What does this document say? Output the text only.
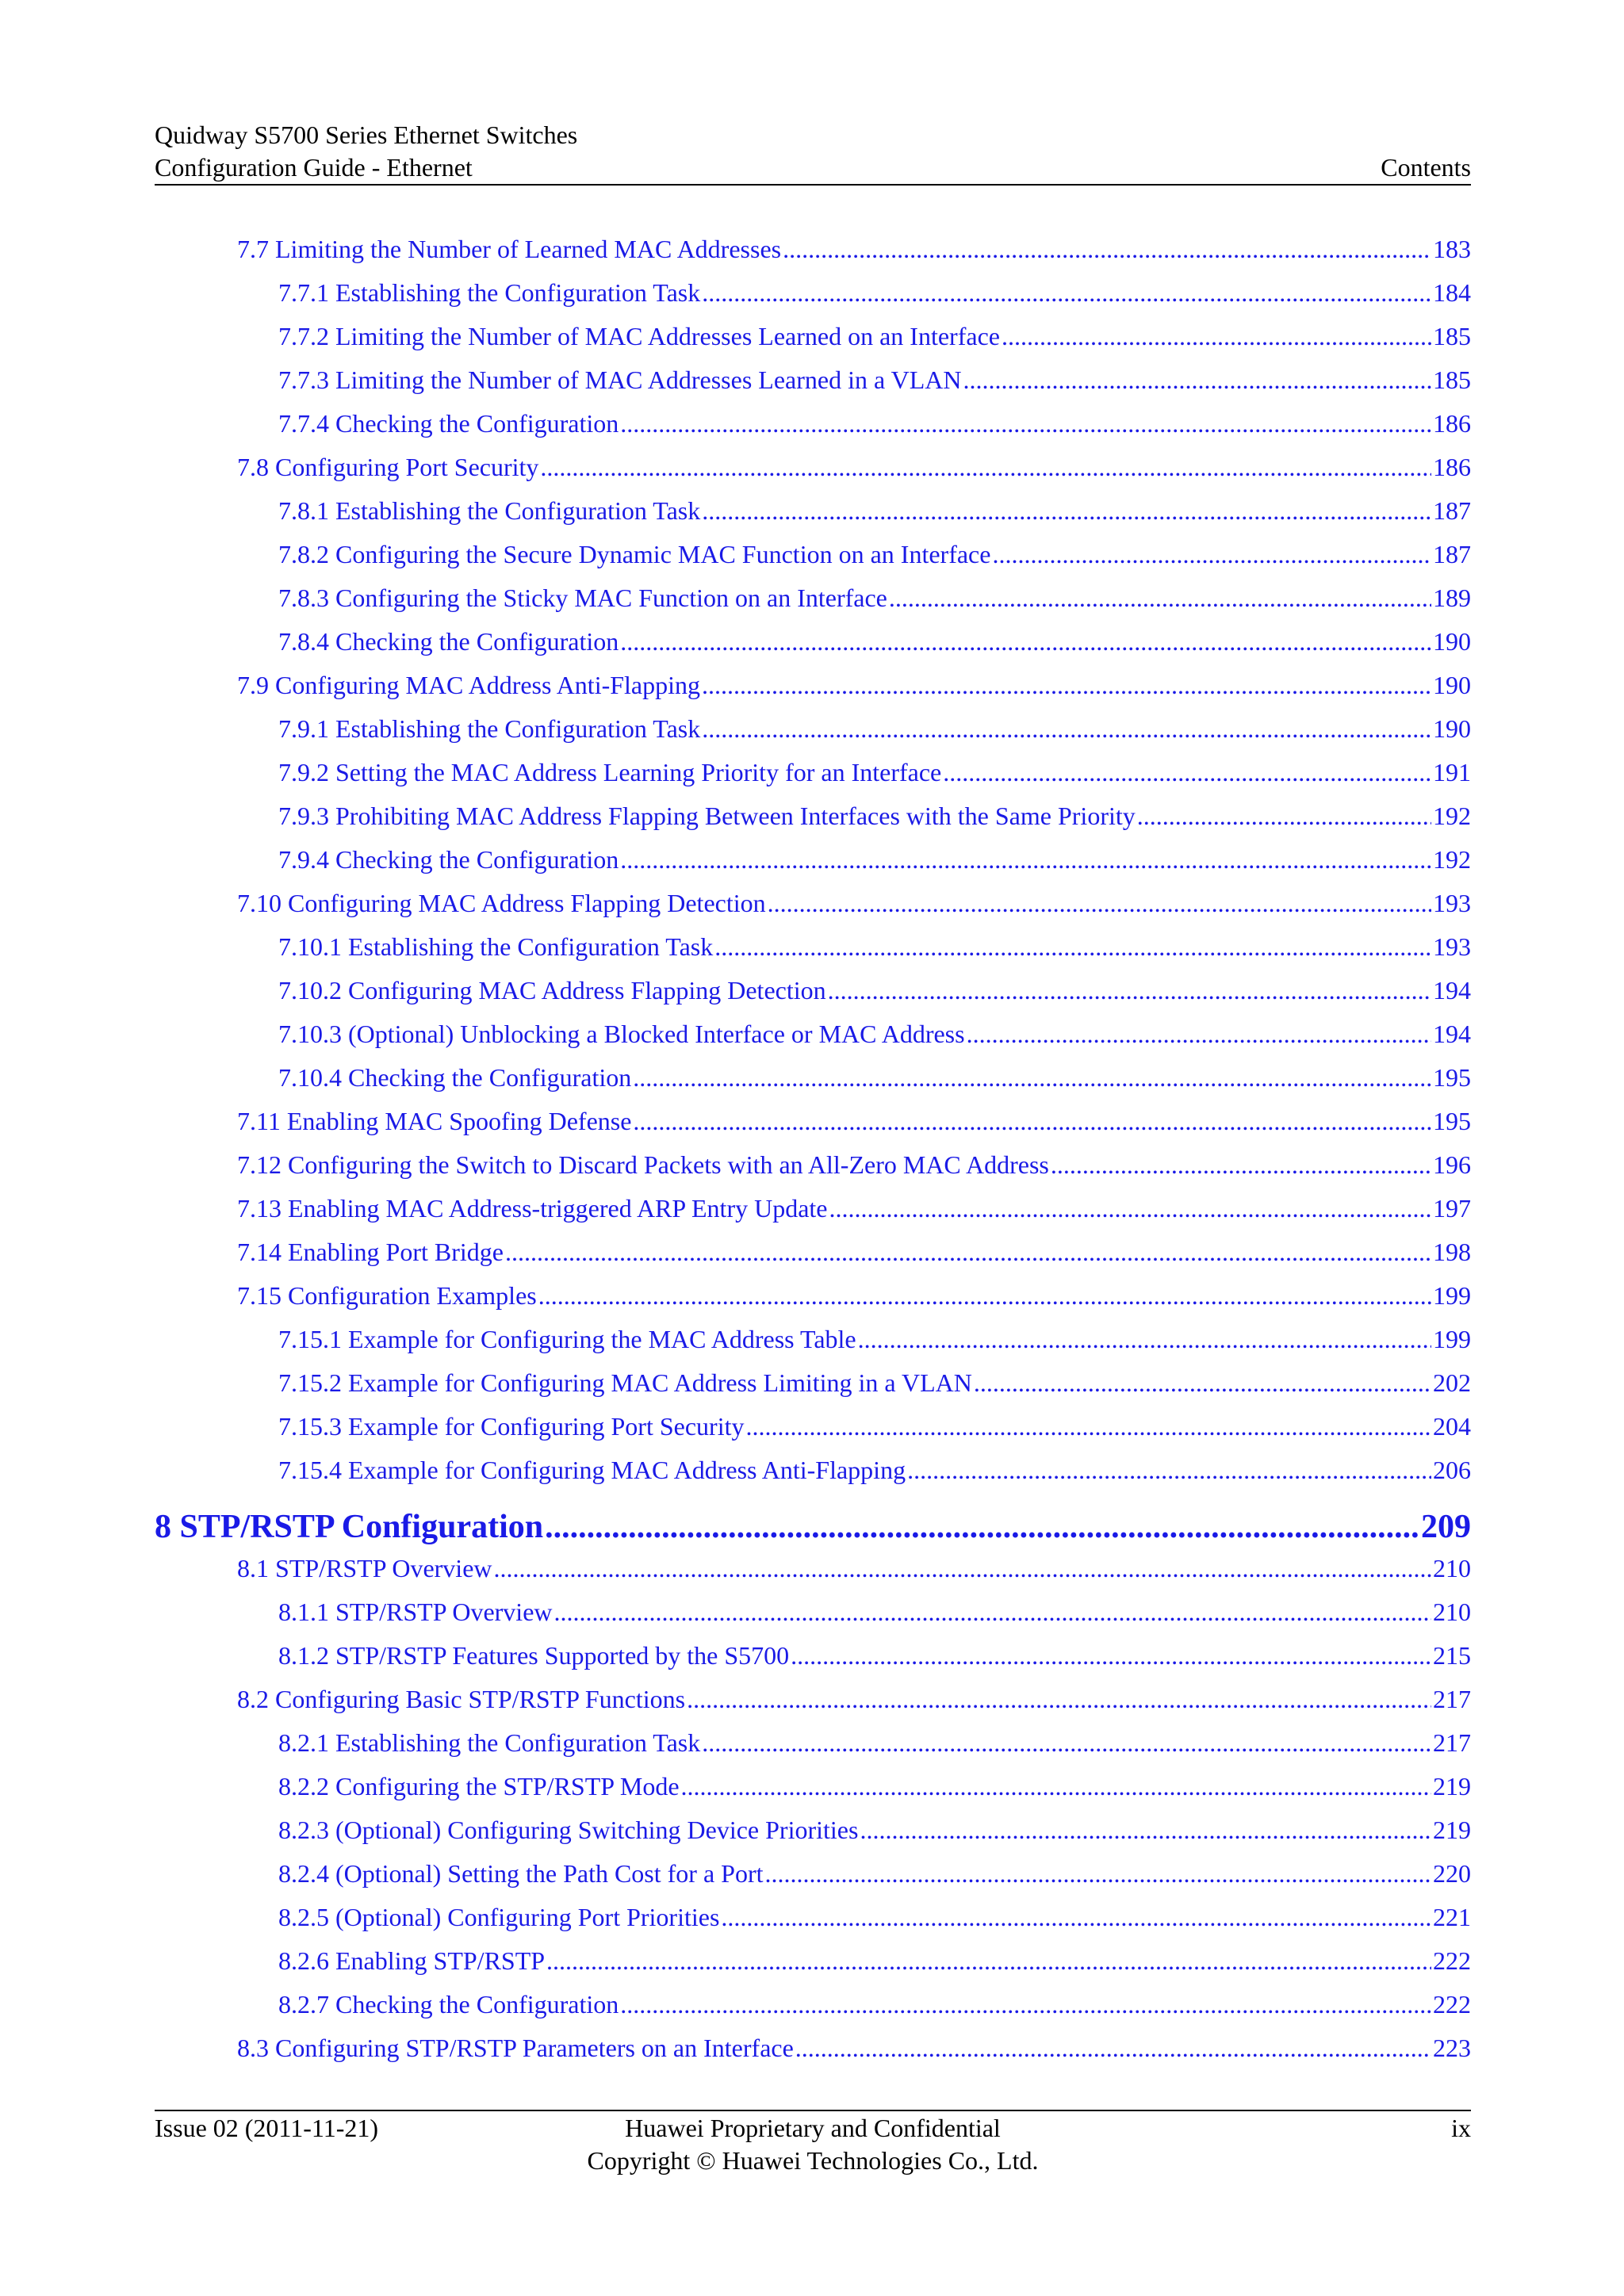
Quidway S5700 Series Ethernet Switches
Configuration Guide - Ethernet	Contents
7.7 Limiting the Number of Learned MAC Addresses .....	183
7.7.1 Establishing the Configuration Task .....	184
7.7.2 Limiting the Number of MAC Addresses Learned on an Interface .....	185
7.7.3 Limiting the Number of MAC Addresses Learned in a VLAN .....	185
7.7.4 Checking the Configuration .....	186
7.8 Configuring Port Security .....	186
7.8.1 Establishing the Configuration Task .....	187
7.8.2 Configuring the Secure Dynamic MAC Function on an Interface .....	187
7.8.3 Configuring the Sticky MAC Function on an Interface .....	189
7.8.4 Checking the Configuration .....	190
7.9 Configuring MAC Address Anti-Flapping .....	190
7.9.1 Establishing the Configuration Task .....	190
7.9.2 Setting the MAC Address Learning Priority for an Interface .....	191
7.9.3 Prohibiting MAC Address Flapping Between Interfaces with the Same Priority .....	192
7.9.4 Checking the Configuration .....	192
7.10 Configuring MAC Address Flapping Detection .....	193
7.10.1 Establishing the Configuration Task .....	193
7.10.2 Configuring MAC Address Flapping Detection .....	194
7.10.3 (Optional) Unblocking a Blocked Interface or MAC Address .....	194
7.10.4 Checking the Configuration .....	195
7.11 Enabling MAC Spoofing Defense .....	195
7.12 Configuring the Switch to Discard Packets with an All-Zero MAC Address .....	196
7.13 Enabling MAC Address-triggered ARP Entry Update .....	197
7.14 Enabling Port Bridge .....	198
7.15 Configuration Examples .....	199
7.15.1 Example for Configuring the MAC Address Table .....	199
7.15.2 Example for Configuring MAC Address Limiting in a VLAN .....	202
7.15.3 Example for Configuring Port Security .....	204
7.15.4 Example for Configuring MAC Address Anti-Flapping .....	206
8 STP/RSTP Configuration .....	209
8.1 STP/RSTP Overview .....	210
8.1.1 STP/RSTP Overview .....	210
8.1.2 STP/RSTP Features Supported by the S5700 .....	215
8.2 Configuring Basic STP/RSTP Functions .....	217
8.2.1 Establishing the Configuration Task .....	217
8.2.2 Configuring the STP/RSTP Mode .....	219
8.2.3 (Optional) Configuring Switching Device Priorities .....	219
8.2.4 (Optional) Setting the Path Cost for a Port .....	220
8.2.5 (Optional) Configuring Port Priorities .....	221
8.2.6 Enabling STP/RSTP .....	222
8.2.7 Checking the Configuration .....	222
8.3 Configuring STP/RSTP Parameters on an Interface .....	223
Issue 02 (2011-11-21)	ix
Huawei Proprietary and Confidential
Copyright © Huawei Technologies Co., Ltd.
